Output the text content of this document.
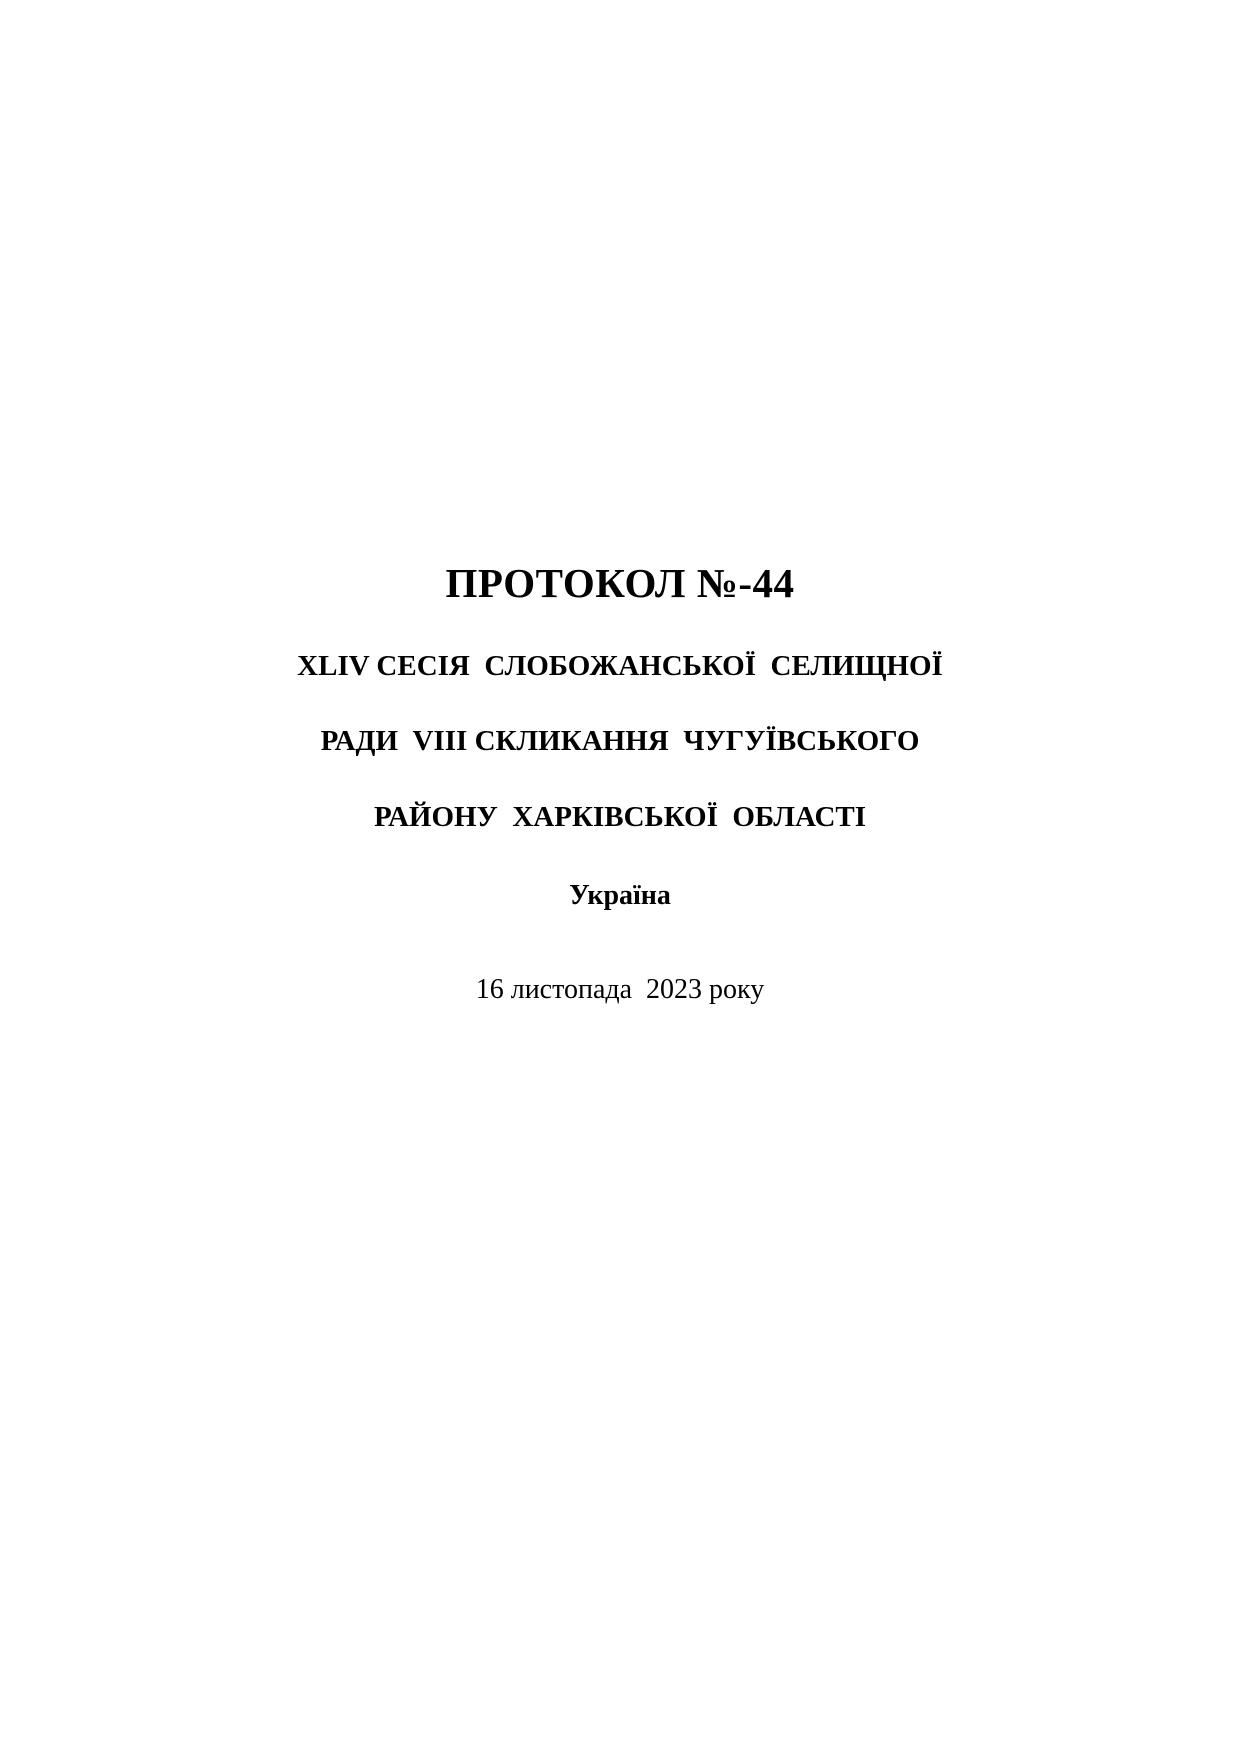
ПРОТОКОЛ №-44

XLIV СЕСІЯ  СЛОБОЖАНСЬКОЇ  СЕЛИЩНОЇ

РАДИ  VIII СКЛИКАННЯ  ЧУГУЇВСЬКОГО

РАЙОНУ  ХАРКІВСЬКОЇ  ОБЛАСТІ

Україна

16 листопада  2023 року
